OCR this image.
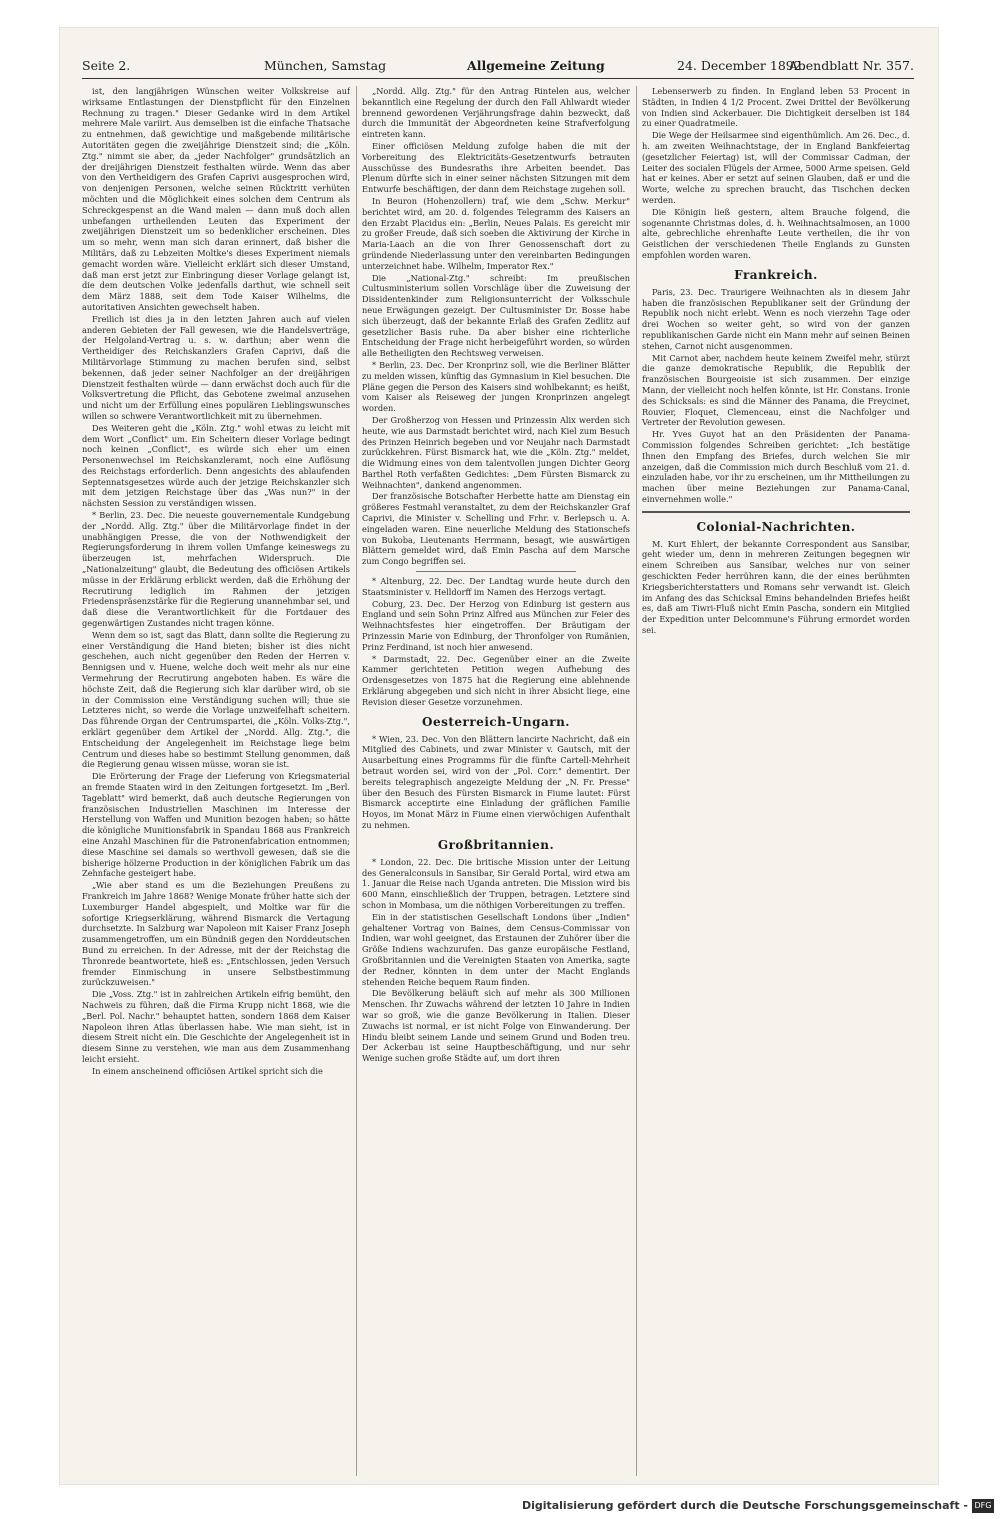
Seite 2.	München, Samstag	Allgemeine Zeitung	24. December 1892.
Abendblatt Nr. 357.

ist, den langjährigen Wünschen weiter Volkskreise auf wirksame Entlastungen der Dienstpflicht für den Einzelnen Rechnung zu tragen." Dieser Gedanke wird in dem Artikel mehrere Male variirt. Aus demselben ist die einfache Thatsache zu entnehmen, daß gewichtige und maßgebende militärische Autoritäten gegen die zweijährige Dienstzeit sind; die „Köln. Ztg." nimmt sie aber, da „jeder Nachfolger" grundsätzlich an der dreijährigen Dienstzeit festhalten würde. Wenn das aber von den Vertheidigern des Grafen Caprivi ausgesprochen wird, von denjenigen Personen, welche seinen Rücktritt verhüten möchten und die Möglichkeit eines solchen dem Centrum als Schreckgespenst an die Wand malen — dann muß doch allen unbefangen urtheilenden Leuten das Experiment der zweijährigen Dienstzeit um so bedenklicher erscheinen. Dies um so mehr, wenn man sich daran erinnert, daß bisher die Militärs, daß zu Lebzeiten Moltke's dieses Experiment niemals gemacht worden wäre. Vielleicht erklärt sich dieser Umstand, daß man erst jetzt zur Einbringung dieser Vorlage gelangt ist, die dem deutschen Volke jedenfalls darthut, wie schnell seit dem März 1888, seit dem Tode Kaiser Wilhelms, die autoritativen Ansichten gewechselt haben.

Freilich ist dies ja in den letzten Jahren auch auf vielen anderen Gebieten der Fall gewesen, wie die Handelsverträge, der Helgoland-Vertrag u. s. w. darthun; aber wenn die Vertheidiger des Reichskanzlers Grafen Caprivi, daß die Militärvorlage Stimmung zu machen berufen sind, selbst bekennen, daß jeder seiner Nachfolger an der dreijährigen Dienstzeit festhalten würde — dann erwächst doch auch für die Volksvertretung die Pflicht, das Gebotene zweimal anzusehen und nicht um der Erfüllung eines populären Lieblingswunsches willen so schwere Verantwortlichkeit mit zu übernehmen.

Des Weiteren geht die „Köln. Ztg." wohl etwas zu leicht mit dem Wort „Conflict" um. Ein Scheitern dieser Vorlage bedingt noch keinen „Conflict", es würde sich eher um einen Personenwechsel im Reichskanzleramt, noch eine Auflösung des Reichstags erforderlich. Denn angesichts des ablaufenden Septennatsgesetzes würde auch der jetzige Reichskanzler sich mit dem jetzigen Reichstage über das „Was nun?" in der nächsten Session zu verständigen wissen.

* Berlin, 23. Dec. Die neueste gouvernementale Kundgebung der „Nordd. Allg. Ztg." über die Militärvorlage findet in der unabhängigen Presse, die von der Nothwendigkeit der Regierungsforderung in ihrem vollen Umfange keineswegs zu überzeugen ist, mehrfachen Widerspruch. Die „Nationalzeitung" glaubt, die Bedeutung des officiösen Artikels müsse in der Erklärung erblickt werden, daß die Erhöhung der Recrutirung lediglich im Rahmen der jetzigen Friedenspräsenzstärke für die Regierung unannehmbar sei, und daß diese die Verantwortlichkeit für die Fortdauer des gegenwärtigen Zustandes nicht tragen könne.

Wenn dem so ist, sagt das Blatt, dann sollte die Regierung zu einer Verständigung die Hand bieten; bisher ist dies nicht geschehen, auch nicht gegenüber den Reden der Herren v. Bennigsen und v. Huene, welche doch weit mehr als nur eine Vermehrung der Recrutirung angeboten haben. Es wäre die höchste Zeit, daß die Regierung sich klar darüber wird, ob sie in der Commission eine Verständigung suchen will; thue sie Letzteres nicht, so werde die Vorlage unzweifelhaft scheitern. Das führende Organ der Centrumspartei, die „Köln. Volks-Ztg.", erklärt gegenüber dem Artikel der „Nordd. Allg. Ztg.", die Entscheidung der Angelegenheit im Reichstage liege beim Centrum und dieses habe so bestimmt Stellung genommen, daß die Regierung genau wissen müsse, woran sie ist.

Die Erörterung der Frage der Lieferung von Kriegsmaterial an fremde Staaten wird in den Zeitungen fortgesetzt. Im „Berl. Tageblatt" wird bemerkt, daß auch deutsche Regierungen von französischen Industriellen Maschinen im Interesse der Herstellung von Waffen und Munition bezogen haben; so hätte die königliche Munitionsfabrik in Spandau 1868 aus Frankreich eine Anzahl Maschinen für die Patronenfabrication entnommen; diese Maschine sei damals so werthvoll gewesen, daß sie die bisherige hölzerne Production in der königlichen Fabrik um das Zehnfache gesteigert habe.

„Wie aber stand es um die Beziehungen Preußens zu Frankreich im Jahre 1868? Wenige Monate früher hatte sich der Luxemburger Handel abgespielt, und Moltke war für die sofortige Kriegserklärung, während Bismarck die Vertagung durchsetzte. In Salzburg war Napoleon mit Kaiser Franz Joseph zusammengetroffen, um ein Bündniß gegen den Norddeutschen Bund zu erreichen. In der Adresse, mit der der Reichstag die Thronrede beantwortete, hieß es: „Entschlossen, jeden Versuch fremder Einmischung in unsere Selbstbestimmung zurückzuweisen."

Die „Voss. Ztg." ist in zahlreichen Artikeln eifrig bemüht, den Nachweis zu führen, daß die Firma Krupp nicht 1868, wie die „Berl. Pol. Nachr." behauptet hatten, sondern 1868 dem Kaiser Napoleon ihren Atlas überlassen habe. Wie man sieht, ist in diesem Streit nicht ein. Die Geschichte der Angelegenheit ist in diesem Sinne zu verstehen, wie man aus dem Zusammenhang leicht ersieht.

In einem anscheinend officiösen Artikel spricht sich die

„Nordd. Allg. Ztg." für den Antrag Rintelen aus, welcher bekanntlich eine Regelung der durch den Fall Ahlwardt wieder brennend gewordenen Verjährungsfrage dahin bezweckt, daß durch die Immunität der Abgeordneten keine Strafverfolgung eintreten kann.

Einer officiösen Meldung zufolge haben die mit der Vorbereitung des Elektricitäts-Gesetzentwurfs betrauten Ausschüsse des Bundesraths ihre Arbeiten beendet. Das Plenum dürfte sich in einer seiner nächsten Sitzungen mit dem Entwurfe beschäftigen, der dann dem Reichstage zugehen soll.

In Beuron (Hohenzollern) traf, wie dem „Schw. Merkur" berichtet wird, am 20. d. folgendes Telegramm des Kaisers an den Erzabt Placidus ein: „Berlin, Neues Palais. Es gereicht mir zu großer Freude, daß sich soeben die Aktivirung der Kirche in Maria-Laach an die von Ihrer Genossenschaft dort zu gründende Niederlassung unter den vereinbarten Bedingungen unterzeichnet habe. Wilhelm, Imperator Rex."

Die „National-Ztg." schreibt: Im preußischen Cultusministerium sollen Vorschläge über die Zuweisung der Dissidentenkinder zum Religionsunterricht der Volksschule neue Erwägungen gezeigt. Der Cultusminister Dr. Bosse habe sich überzeugt, daß der bekannte Erlaß des Grafen Zedlitz auf gesetzlicher Basis ruhe. Da aber bisher eine richterliche Entscheidung der Frage nicht herbeigeführt worden, so würden alle Betheiligten den Rechtsweg verweisen.

* Berlin, 23. Dec. Der Kronprinz soll, wie die Berliner Blätter zu melden wissen, künftig das Gymnasium in Kiel besuchen. Die Pläne gegen die Person des Kaisers sind wohlbekannt; es heißt, vom Kaiser als Reiseweg der jungen Kronprinzen angelegt worden.

Der Großherzog von Hessen und Prinzessin Alix werden sich heute, wie aus Darmstadt berichtet wird, nach Kiel zum Besuch des Prinzen Heinrich begeben und vor Neujahr nach Darmstadt zurückkehren. Fürst Bismarck hat, wie die „Köln. Ztg." meldet, die Widmung eines von dem talentvollen jungen Dichter Georg Barthel Roth verfaßten Gedichtes: „Dem Fürsten Bismarck zu Weihnachten", dankend angenommen.

Der französische Botschafter Herbette hatte am Dienstag ein größeres Festmahl veranstaltet, zu dem der Reichskanzler Graf Caprivi, die Minister v. Schelling und Frhr. v. Berlepsch u. A. eingeladen waren. Eine neuerliche Meldung des Stationschefs von Bukoba, Lieutenants Herrmann, besagt, wie auswärtigen Blättern gemeldet wird, daß Emin Pascha auf dem Marsche zum Congo begriffen sei.

* Altenburg, 22. Dec. Der Landtag wurde heute durch den Staatsminister v. Helldorff im Namen des Herzogs vertagt.

Coburg, 23. Dec. Der Herzog von Edinburg ist gestern aus England und sein Sohn Prinz Alfred aus München zur Feier des Weihnachtsfestes hier eingetroffen. Der Bräutigam der Prinzessin Marie von Edinburg, der Thronfolger von Rumänien, Prinz Ferdinand, ist noch hier anwesend.

* Darmstadt, 22. Dec. Gegenüber einer an die Zweite Kammer gerichteten Petition wegen Aufhebung des Ordensgesetzes von 1875 hat die Regierung eine ablehnende Erklärung abgegeben und sich nicht in ihrer Absicht liege, eine Revision dieser Gesetze vorzunehmen.

Oesterreich-Ungarn.

* Wien, 23. Dec. Von den Blättern lancirte Nachricht, daß ein Mitglied des Cabinets, und zwar Minister v. Gautsch, mit der Ausarbeitung eines Programms für die fünfte Cartell-Mehrheit betraut worden sei, wird von der „Pol. Corr." dementirt. Der bereits telegraphisch angezeigte Meldung der „N. Fr. Presse" über den Besuch des Fürsten Bismarck in Fiume lautet: Fürst Bismarck acceptirte eine Einladung der gräflichen Familie Hoyos, im Monat März in Fiume einen vierwöchigen Aufenthalt zu nehmen.

Großbritannien.

* London, 22. Dec. Die britische Mission unter der Leitung des Generalconsuls in Sansibar, Sir Gerald Portal, wird etwa am 1. Januar die Reise nach Uganda antreten. Die Mission wird bis 600 Mann, einschließlich der Truppen, betragen. Letztere sind schon in Mombasa, um die nöthigen Vorbereitungen zu treffen.

Ein in der statistischen Gesellschaft Londons über „Indien" gehaltener Vortrag von Baines, dem Census-Commissar von Indien, war wohl geeignet, das Erstaunen der Zuhörer über die Größe Indiens wachzurufen. Das ganze europäische Festland, Großbritannien und die Vereinigten Staaten von Amerika, sagte der Redner, könnten in dem unter der Macht Englands stehenden Reiche bequem Raum finden.

Die Bevölkerung beläuft sich auf mehr als 300 Millionen Menschen. Ihr Zuwachs während der letzten 10 Jahre in Indien war so groß, wie die ganze Bevölkerung in Italien. Dieser Zuwachs ist normal, er ist nicht Folge von Einwanderung. Der Hindu bleibt seinem Lande und seinem Grund und Boden treu. Der Ackerbau ist seine Hauptbeschäftigung, und nur sehr Wenige suchen große Städte auf, um dort ihren

Lebenserwerb zu finden. In England leben 53 Procent in Städten, in Indien 4 1/2 Procent. Zwei Drittel der Bevölkerung von Indien sind Ackerbauer. Die Dichtigkeit derselben ist 184 zu einer Quadratmeile.

Die Wege der Heilsarmee sind eigenthümlich. Am 26. Dec., d. h. am zweiten Weihnachtstage, der in England Bankfeiertag (gesetzlicher Feiertag) ist, will der Commissar Cadman, der Leiter des socialen Flügels der Armee, 5000 Arme speisen. Geld hat er keines. Aber er setzt auf seinen Glauben, daß er und die Worte, welche zu sprechen braucht, das Tischchen decken werden.

Die Königin ließ gestern, altem Brauche folgend, die sogenannte Christmas doles, d. h. Weihnachtsalmosen, an 1000 alte, gebrechliche ehrenhafte Leute vertheilen, die ihr von Geistlichen der verschiedenen Theile Englands zu Gunsten empfohlen worden waren.

Frankreich.

Paris, 23. Dec. Traurigere Weihnachten als in diesem Jahr haben die französischen Republikaner seit der Gründung der Republik noch nicht erlebt. Wenn es noch vierzehn Tage oder drei Wochen so weiter geht, so wird von der ganzen republikanischen Garde nicht ein Mann mehr auf seinen Beinen stehen, Carnot nicht ausgenommen.

Mit Carnot aber, nachdem heute keinem Zweifel mehr, stürzt die ganze demokratische Republik, die Republik der französischen Bourgeoisie ist sich zusammen. Der einzige Mann, der vielleicht noch helfen könnte, ist Hr. Constans. Ironie des Schicksals: es sind die Männer des Panama, die Freycinet, Rouvier, Floquet, Clemenceau, einst die Nachfolger und Vertreter der Revolution gewesen.

Hr. Yves Guyot hat an den Präsidenten der Panama-Commission folgendes Schreiben gerichtet: „Ich bestätige Ihnen den Empfang des Briefes, durch welchen Sie mir anzeigen, daß die Commission mich durch Beschluß vom 21. d. einzuladen habe, vor ihr zu erscheinen, um ihr Mittheilungen zu machen über meine Beziehungen zur Panama-Canal, einvernehmen wolle."

Colonial-Nachrichten.

M. Kurt Ehlert, der bekannte Correspondent aus Sansibar, geht wieder um, denn in mehreren Zeitungen begegnen wir einem Schreiben aus Sansibar, welches nur von seiner geschickten Feder herrühren kann, die der eines berühmten Kriegsberichterstatters und Romans sehr verwandt ist. Gleich im Anfang des das Schicksal Emins behandelnden Briefes heißt es, daß am Tiwri-Fluß nicht Emin Pascha, sondern ein Mitglied der Expedition unter Delcommune's Führung ermordet worden sei.

Digitalisierung gefördert durch die Deutsche Forschungsgemeinschaft - DFG
